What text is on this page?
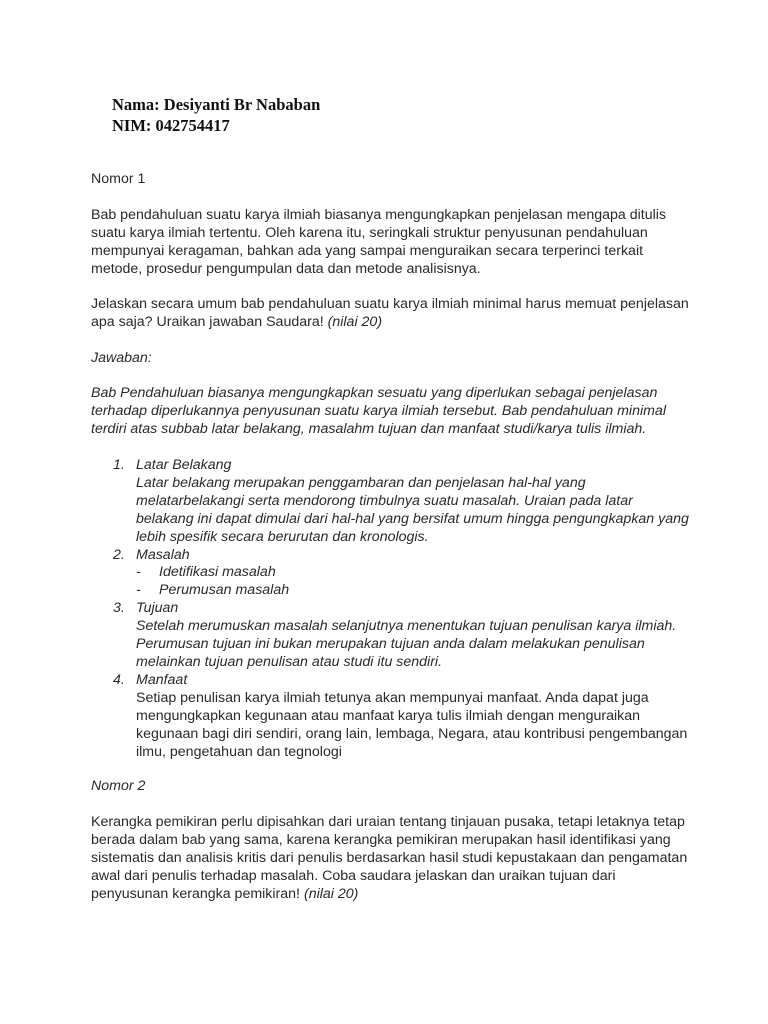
Nama: Desiyanti Br Nababan
NIM: 042754417
Nomor 1

Bab pendahuluan suatu karya ilmiah biasanya mengungkapkan penjelasan mengapa ditulis suatu karya ilmiah tertentu. Oleh karena itu, seringkali struktur penyusunan pendahuluan mempunyai keragaman, bahkan ada yang sampai menguraikan secara terperinci terkait metode, prosedur pengumpulan data dan metode analisisnya.

Jelaskan secara umum bab pendahuluan suatu karya ilmiah minimal harus memuat penjelasan apa saja? Uraikan jawaban Saudara! (nilai 20)

Jawaban:

Bab Pendahuluan biasanya mengungkapkan sesuatu yang diperlukan sebagai penjelasan terhadap diperlukannya penyusunan suatu karya ilmiah tersebut. Bab pendahuluan minimal terdiri atas subbab latar belakang, masalahm tujuan dan manfaat studi/karya tulis ilmiah.

1. Latar Belakang

Latar belakang merupakan penggambaran dan penjelasan hal-hal yang melatarbelakangi serta mendorong timbulnya suatu masalah. Uraian pada latar belakang ini dapat dimulai dari hal-hal yang bersifat umum hingga pengungkapkan yang lebih spesifik secara berurutan dan kronologis.

2. Masalah
- Idetifikasi masalah
- Perumusan masalah
3. Tujuan

Setelah merumuskan masalah selanjutnya menentukan tujuan penulisan karya ilmiah. Perumusan tujuan ini bukan merupakan tujuan anda dalam melakukan penulisan melainkan tujuan penulisan atau studi itu sendiri.

4. Manfaat

Setiap penulisan karya ilmiah tetunya akan mempunyai manfaat. Anda dapat juga mengungkapkan kegunaan atau manfaat karya tulis ilmiah dengan menguraikan kegunaan bagi diri sendiri, orang lain, lembaga, Negara, atau kontribusi pengembangan ilmu, pengetahuan dan tegnologi

Nomor 2

Kerangka pemikiran perlu dipisahkan dari uraian tentang tinjauan pusaka, tetapi letaknya tetap berada dalam bab yang sama, karena kerangka pemikiran merupakan hasil identifikasi yang sistematis dan analisis kritis dari penulis berdasarkan hasil studi kepustakaan dan pengamatan awal dari penulis terhadap masalah. Coba saudara jelaskan dan uraikan tujuan dari penyusunan kerangka pemikiran! (nilai 20)
